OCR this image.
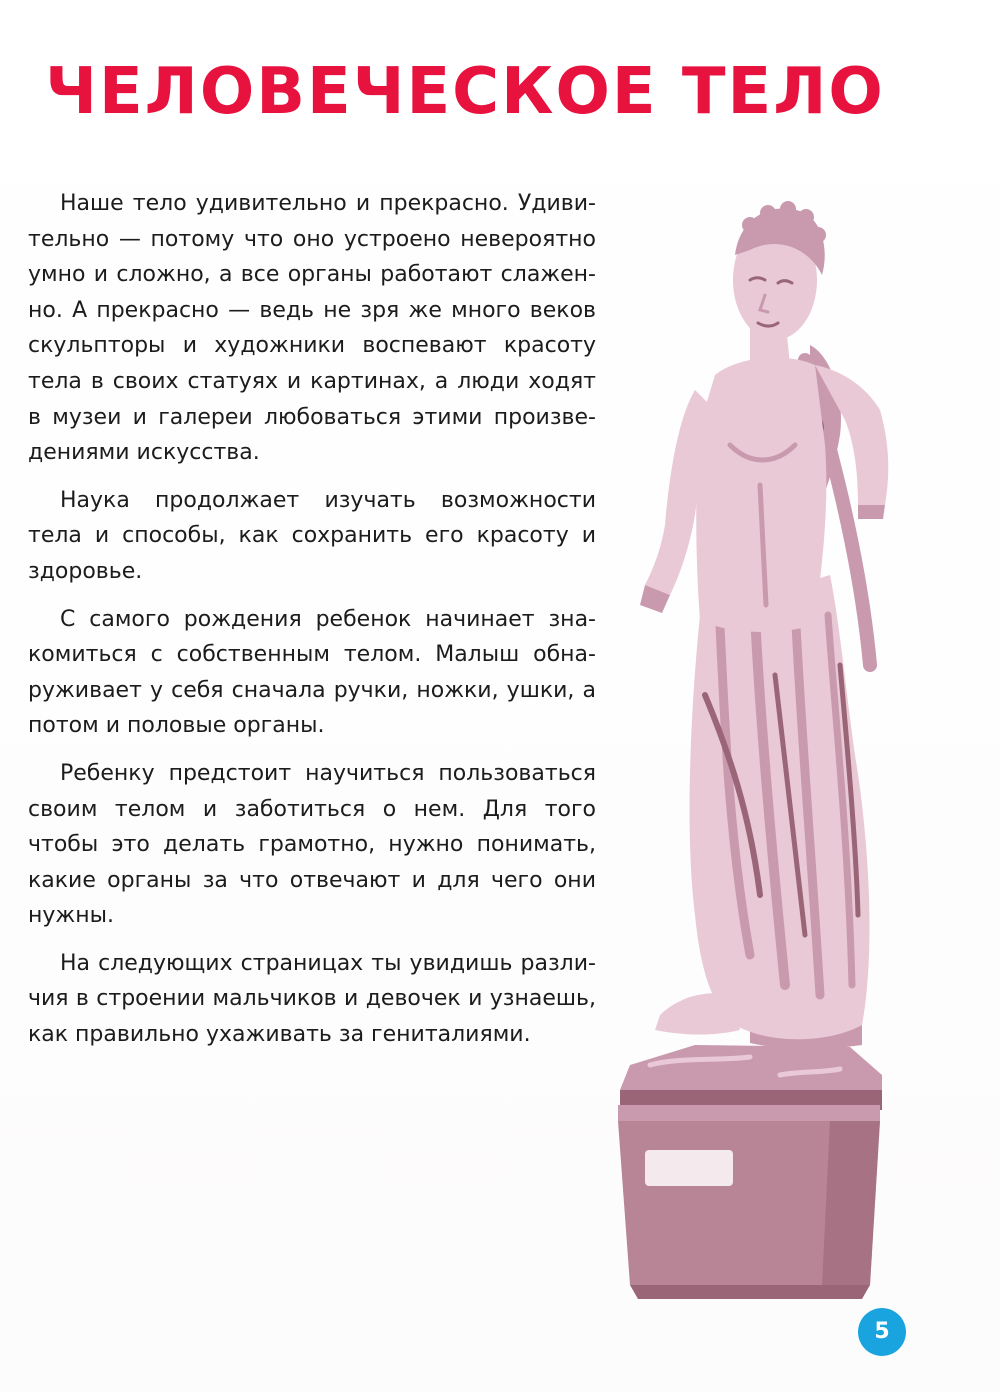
ЧЕЛОВЕЧЕСКОЕ ТЕЛО

Наше тело удивительно и прекрасно. Удивительно — потому что оно устроено невероятно умно и сложно, а все органы работают слаженно. А прекрасно — ведь не зря же много веков скульпторы и художники воспевают красоту тела в своих статуях и картинах, а люди ходят в музеи и галереи любоваться этими произведениями искусства.

Наука продолжает изучать возможности тела и способы, как сохранить его красоту и здоровье.

С самого рождения ребенок начинает знакомиться с собственным телом. Малыш обнаруживает у себя сначала ручки, ножки, ушки, а потом и половые органы.

Ребенку предстоит научиться пользоваться своим телом и заботиться о нем. Для того чтобы это делать грамотно, нужно понимать, какие органы за что отвечают и для чего они нужны.

На следующих страницах ты увидишь различия в строении мальчиков и девочек и узнаешь, как правильно ухаживать за гениталиями.

5
